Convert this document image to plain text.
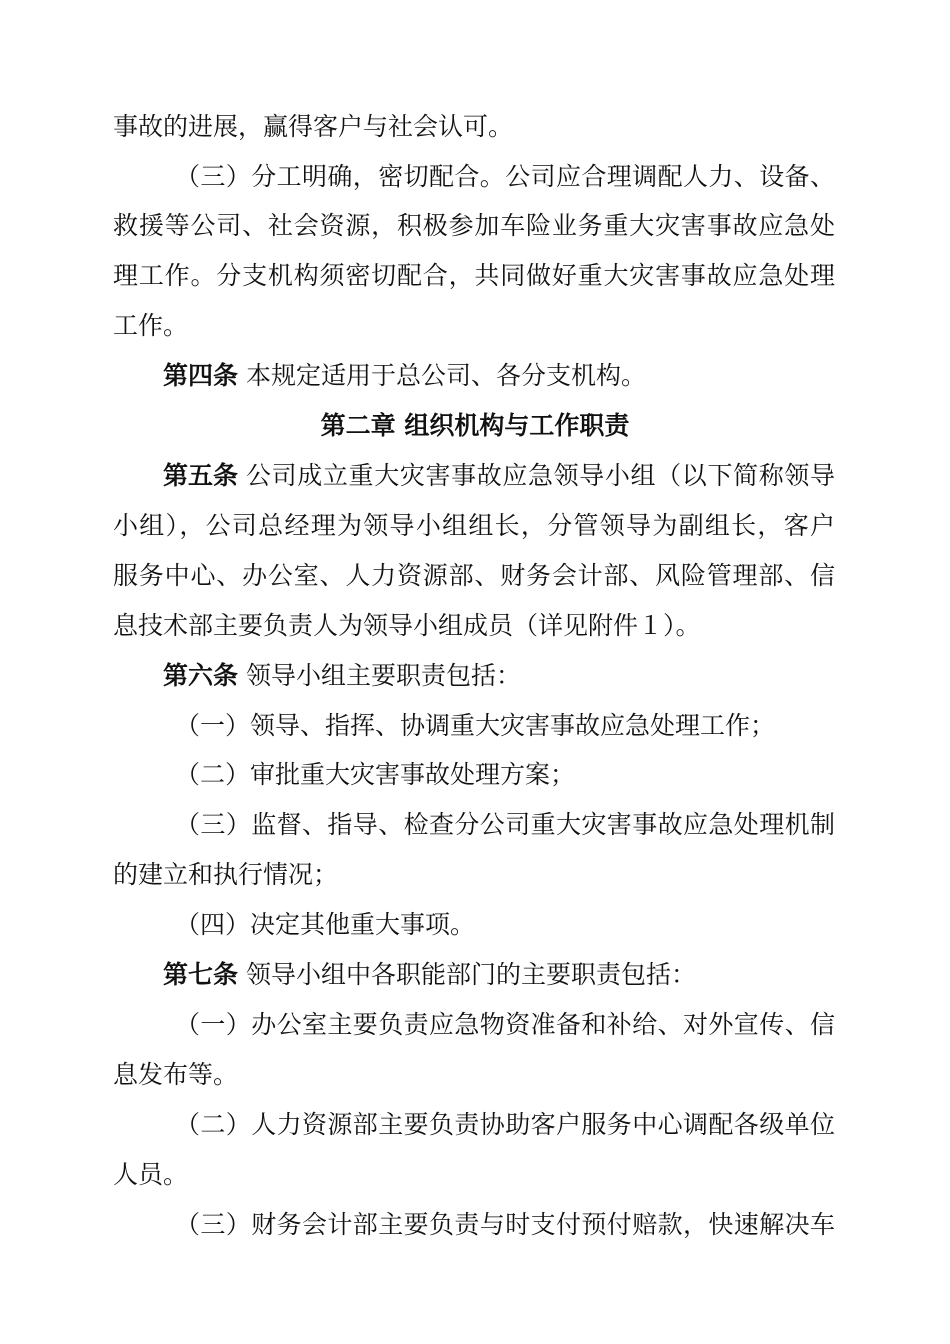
事故的进展，赢得客户与社会认可。
（三）分工明确，密切配合。公司应合理调配人力、设备、
救援等公司、社会资源，积极参加车险业务重大灾害事故应急处
理工作。分支机构须密切配合，共同做好重大灾害事故应急处理
工作。
第四条 本规定适用于总公司、各分支机构。
第二章 组织机构与工作职责
第五条 公司成立重大灾害事故应急领导小组（以下简称领导
小组），公司总经理为领导小组组长，分管领导为副组长，客户
服务中心、办公室、人力资源部、财务会计部、风险管理部、信
息技术部主要负责人为领导小组成员（详见附件１）。
第六条 领导小组主要职责包括：
（一）领导、指挥、协调重大灾害事故应急处理工作；
（二）审批重大灾害事故处理方案；
（三）监督、指导、检查分公司重大灾害事故应急处理机制
的建立和执行情况；
（四）决定其他重大事项。
第七条 领导小组中各职能部门的主要职责包括：
（一）办公室主要负责应急物资准备和补给、对外宣传、信
息发布等。
（二）人力资源部主要负责协助客户服务中心调配各级单位
人员。
（三）财务会计部主要负责与时支付预付赔款，快速解决车
